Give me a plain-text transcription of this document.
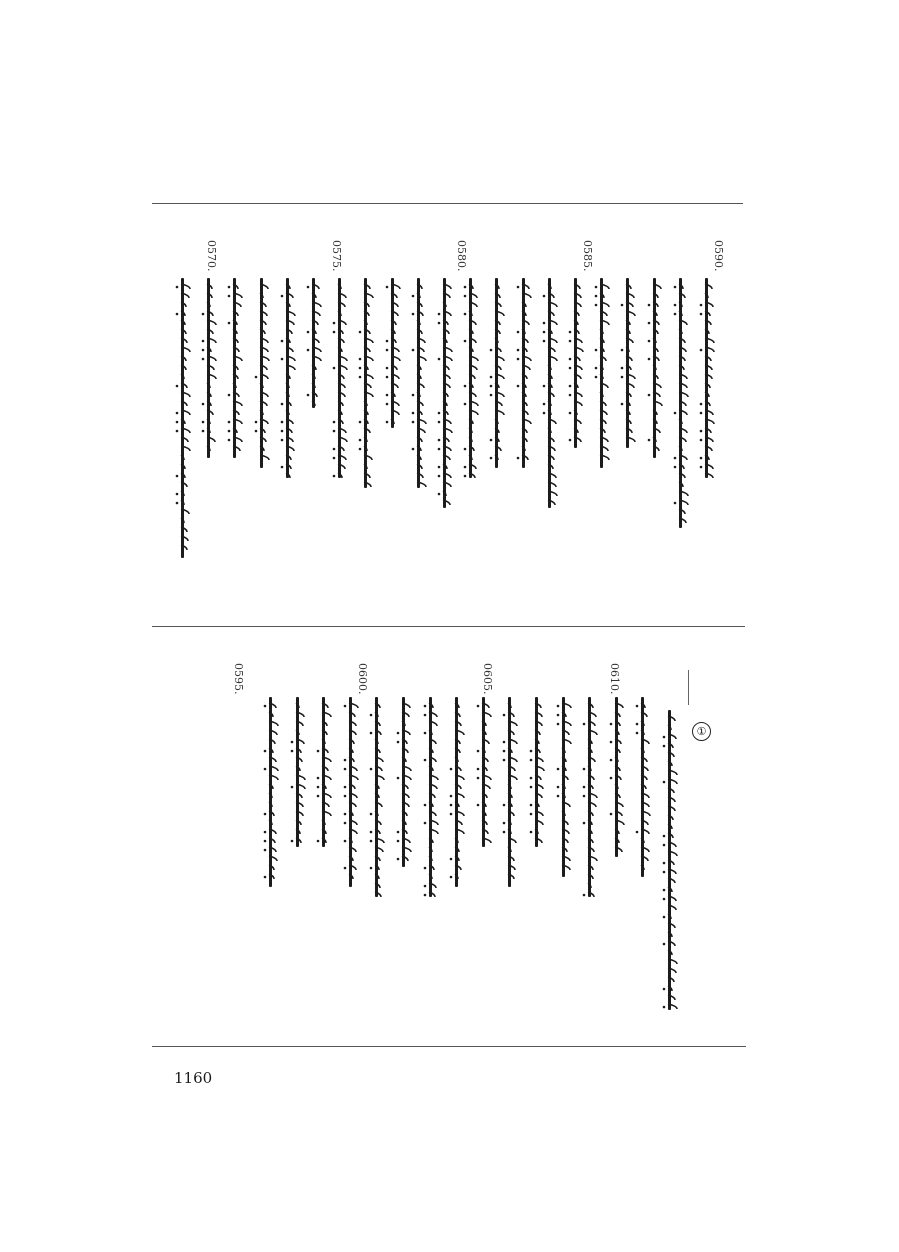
0590.
0585.
0580.
0575.
0570.
0610.
0605.
0600.
0595.
①
1160
